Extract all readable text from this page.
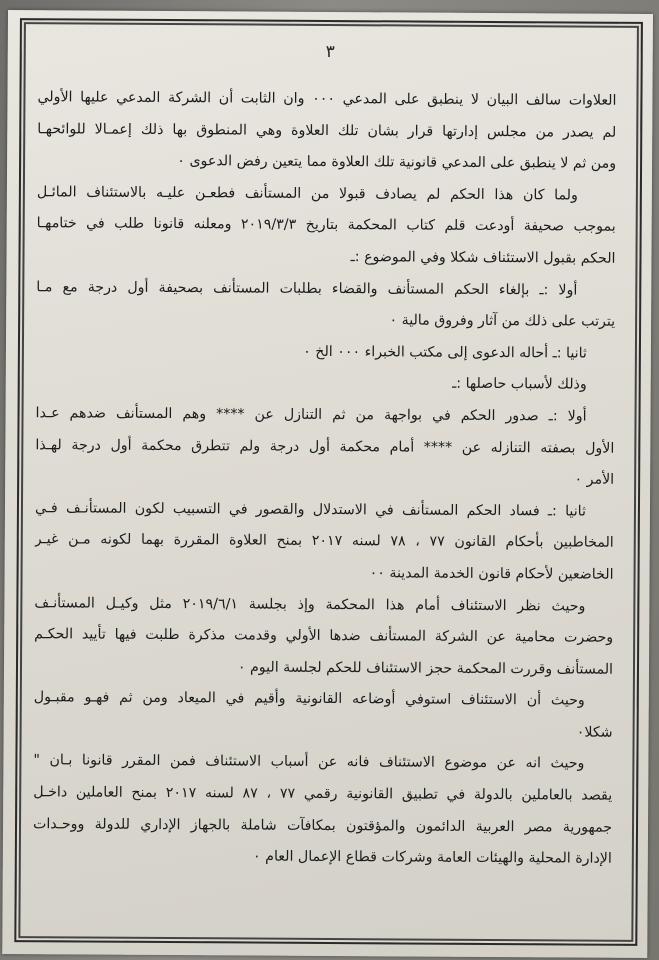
٣
العلاوات سالف البيان لا ينطبق على المدعي ٠٠٠ وان الثابت أن الشركة المدعي عليها الأولي
لم يصدر من مجلس إدارتها قرار بشان تلك العلاوة وهي المنطوق بها ذلك إعمـالا للوائحهـا
ومن ثم لا ينطبق على المدعي قانونية تلك العلاوة مما يتعين رفض الدعوى ٠
ولما كان هذا الحكم لم يصادف قبولا من المستأنف فطعـن عليـه بالاستئناف المائـل
بموجب صحيفة أودعت قلم كتاب المحكمة بتاريخ ٢٠١٩/٣/٣ ومعلنه قانونا طلب في ختامهـا
الحكم بقبول الاستئناف شكلا وفي الموضوع :ـ
أولا :ـ بإلغاء الحكم المستأنف والقضاء بطلبات المستأنف بصحيفة أول درجة مع مـا
يترتب على ذلك من آثار وفروق مالية ٠
ثانيا :ـ أحاله الدعوى إلى مكتب الخبراء ٠٠٠ الخ ٠
وذلك لأسباب حاصلها :ـ
أولا :ـ صدور الحكم في بواجهة من ثم التنازل عن **** وهم المستأنف ضدهم عـدا
الأول بصفته التنازله عن **** أمام محكمة أول درجة ولم تتطرق محكمة أول درجة لهـذا
الأمر ٠
ثانيا :ـ فساد الحكم المستأنف في الاستدلال والقصور في التسبيب لكون المستأنـف فـي
المخاطبين بأحكام القانون ٧٧ ، ٧٨ لسنه ٢٠١٧ بمنح العلاوة المقررة بهما لكونه مـن غيـر
الخاضعين لأحكام قانون الخدمة المدينة ٠٠
وحيث نظر الاستئناف أمام هذا المحكمة وإذ بجلسة ٢٠١٩/٦/١ مثل وكيـل المستأنـف
وحضرت محامية عن الشركة المستأنف ضدها الأولي وقدمت مذكرة طلبت فيها تأييد الحكـم
المستأنف وقررت المحكمة حجز الاستئناف للحكم لجلسة اليوم ٠
وحيث أن الاستئناف استوفي أوضاعه القانونية وأقيم في الميعاد ومن ثم فهـو مقبـول
شكلا٠
وحيث انه عن موضوع الاستئناف فانه عن أسباب الاستئناف فمن المقرر قانونا بـان "
يقصد بالعاملين بالدولة في تطبيق القانونية رقمي ٧٧ ، ٨٧ لسنه ٢٠١٧ بمنح العاملين داخـل
جمهورية مصر العربية الدائمون والمؤقتون بمكافآت شاملة بالجهاز الإداري للدولة ووحـدات
الإدارة المحلية والهيئات العامة وشركات قطاع الإعمال العام ٠
